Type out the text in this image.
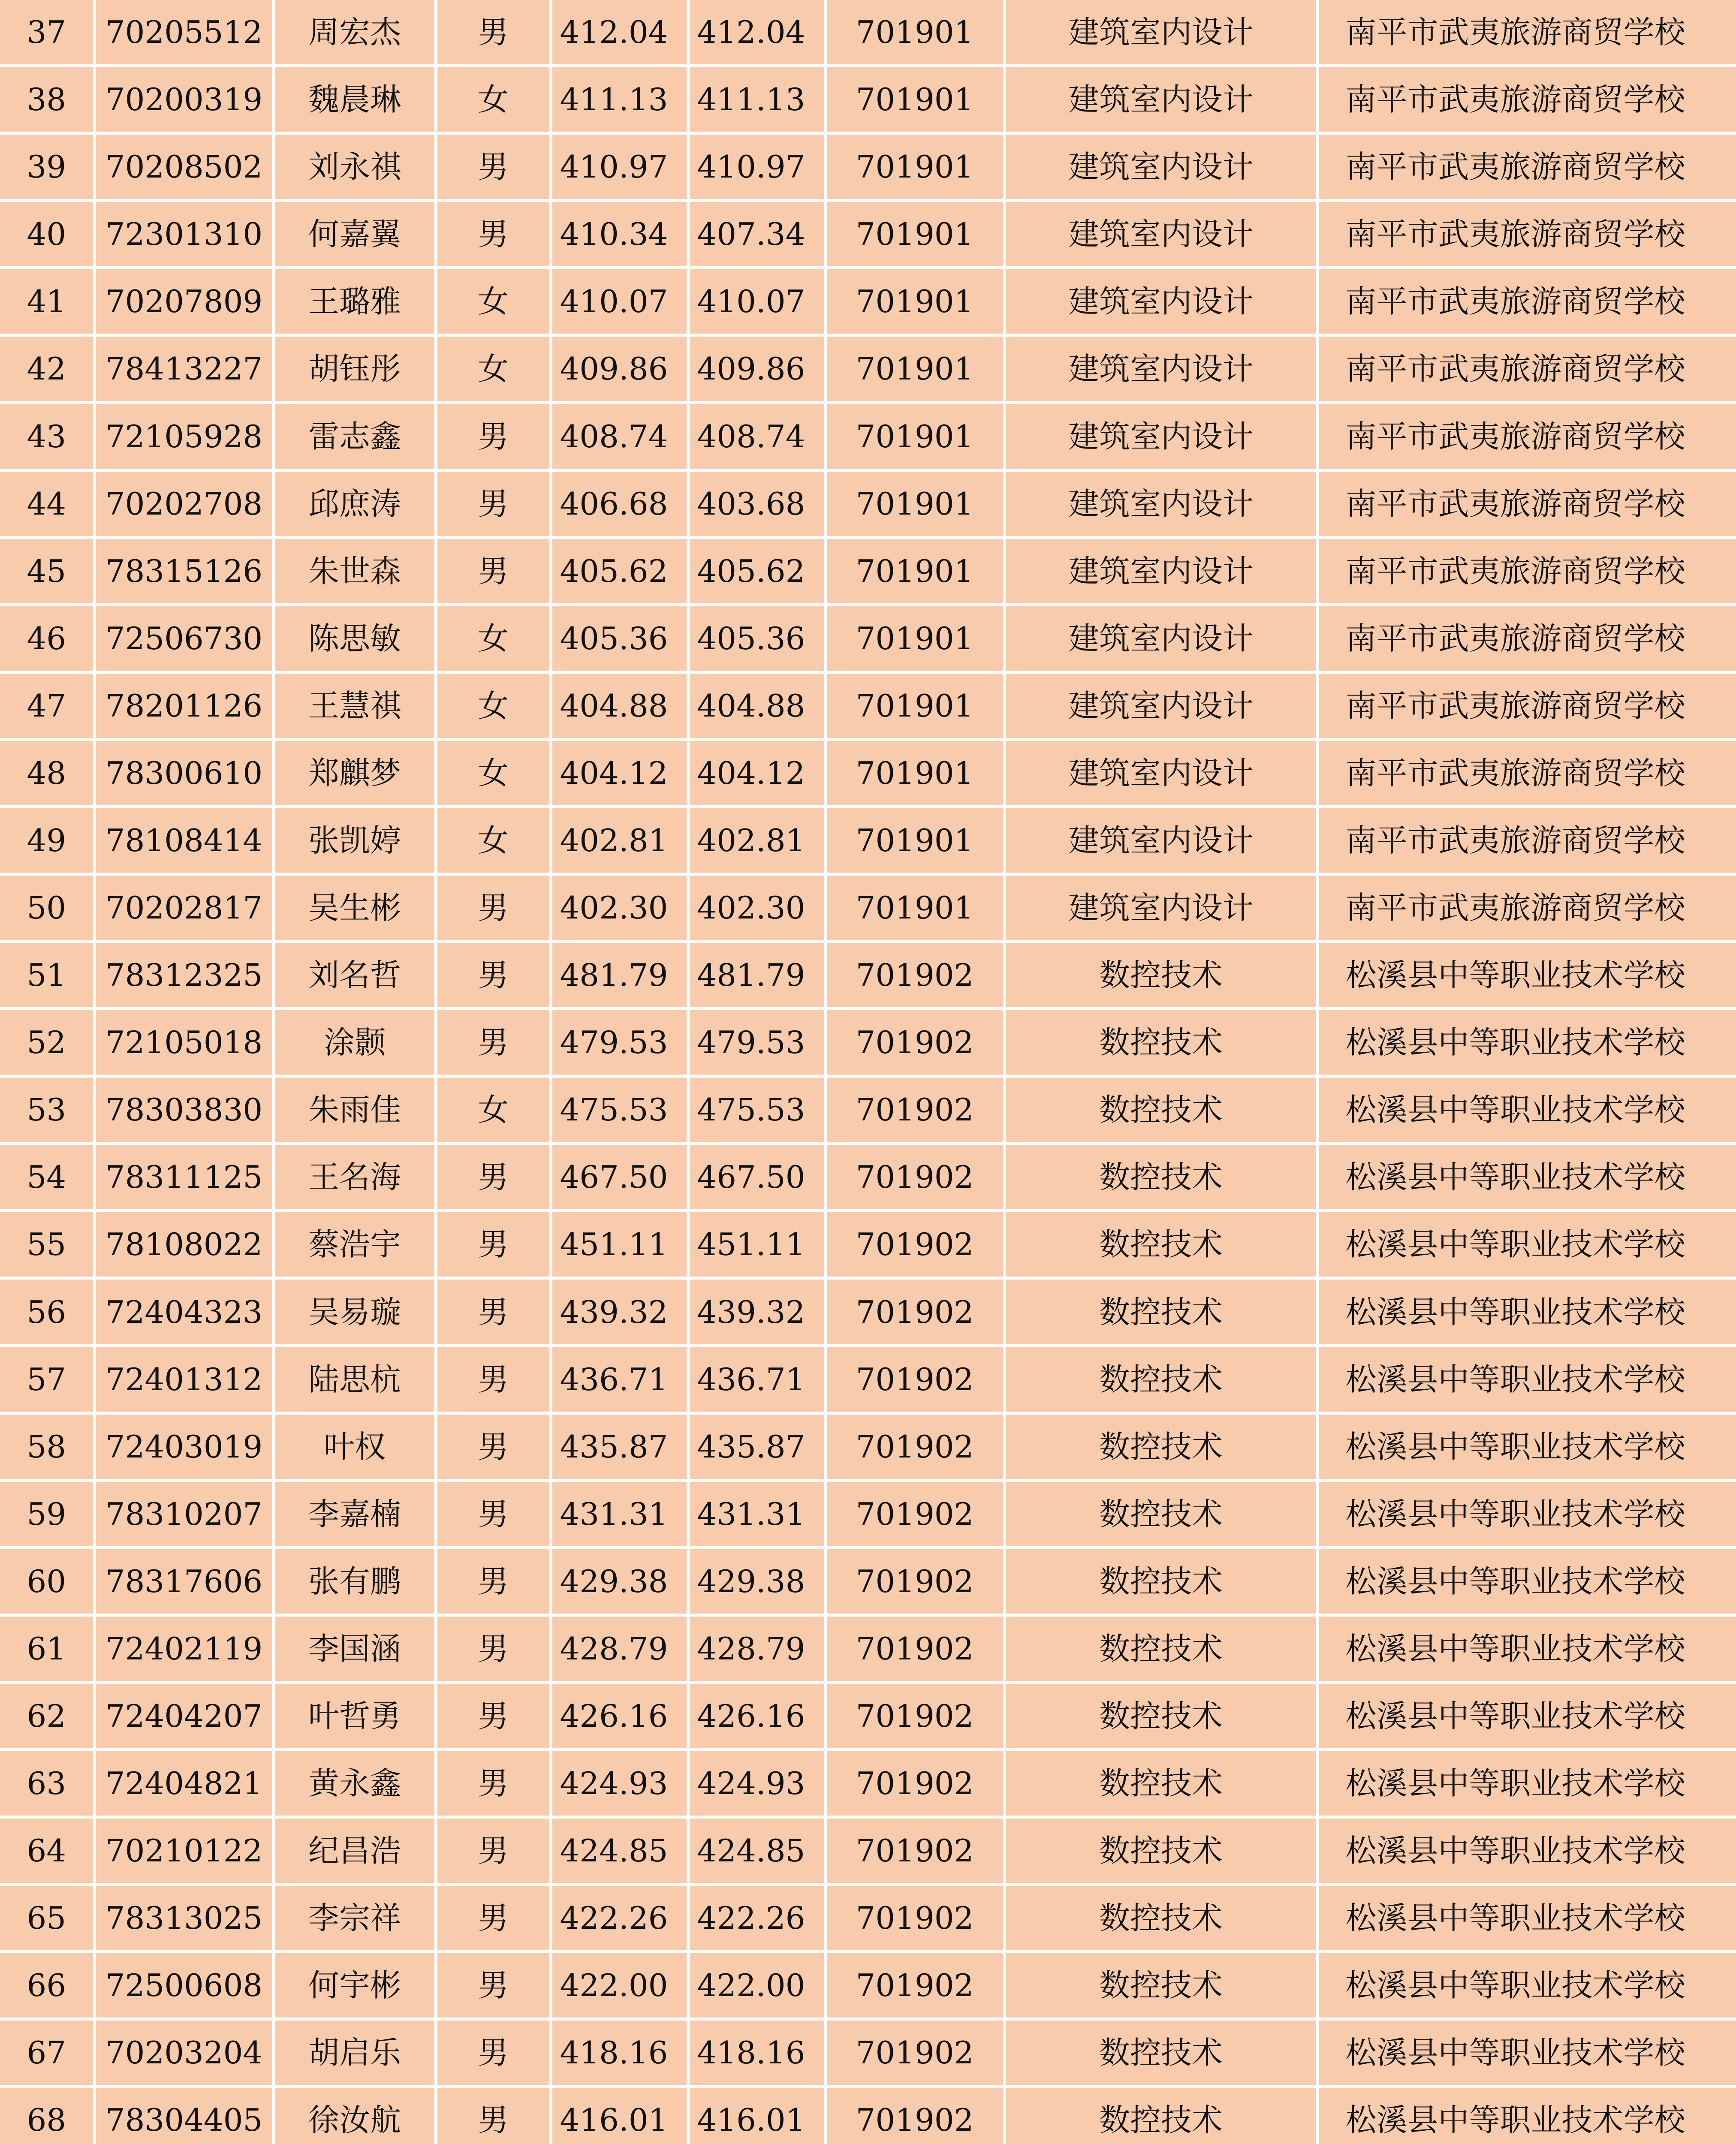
37	70205512	周宏杰	男	412.04	412.04	701901	建筑室内设计	南平市武夷旅游商贸学校
38	70200319	魏晨琳	女	411.13	411.13	701901	建筑室内设计	南平市武夷旅游商贸学校
39	70208502	刘永祺	男	410.97	410.97	701901	建筑室内设计	南平市武夷旅游商贸学校
40	72301310	何嘉翼	男	410.34	407.34	701901	建筑室内设计	南平市武夷旅游商贸学校
41	70207809	王璐雅	女	410.07	410.07	701901	建筑室内设计	南平市武夷旅游商贸学校
42	78413227	胡钰彤	女	409.86	409.86	701901	建筑室内设计	南平市武夷旅游商贸学校
43	72105928	雷志鑫	男	408.74	408.74	701901	建筑室内设计	南平市武夷旅游商贸学校
44	70202708	邱庶涛	男	406.68	403.68	701901	建筑室内设计	南平市武夷旅游商贸学校
45	78315126	朱世森	男	405.62	405.62	701901	建筑室内设计	南平市武夷旅游商贸学校
46	72506730	陈思敏	女	405.36	405.36	701901	建筑室内设计	南平市武夷旅游商贸学校
47	78201126	王慧祺	女	404.88	404.88	701901	建筑室内设计	南平市武夷旅游商贸学校
48	78300610	郑麒梦	女	404.12	404.12	701901	建筑室内设计	南平市武夷旅游商贸学校
49	78108414	张凯婷	女	402.81	402.81	701901	建筑室内设计	南平市武夷旅游商贸学校
50	70202817	吴生彬	男	402.30	402.30	701901	建筑室内设计	南平市武夷旅游商贸学校
51	78312325	刘名哲	男	481.79	481.79	701902	数控技术	松溪县中等职业技术学校
52	72105018	涂颢	男	479.53	479.53	701902	数控技术	松溪县中等职业技术学校
53	78303830	朱雨佳	女	475.53	475.53	701902	数控技术	松溪县中等职业技术学校
54	78311125	王名海	男	467.50	467.50	701902	数控技术	松溪县中等职业技术学校
55	78108022	蔡浩宇	男	451.11	451.11	701902	数控技术	松溪县中等职业技术学校
56	72404323	吴易璇	男	439.32	439.32	701902	数控技术	松溪县中等职业技术学校
57	72401312	陆思杭	男	436.71	436.71	701902	数控技术	松溪县中等职业技术学校
58	72403019	叶权	男	435.87	435.87	701902	数控技术	松溪县中等职业技术学校
59	78310207	李嘉楠	男	431.31	431.31	701902	数控技术	松溪县中等职业技术学校
60	78317606	张有鹏	男	429.38	429.38	701902	数控技术	松溪县中等职业技术学校
61	72402119	李国涵	男	428.79	428.79	701902	数控技术	松溪县中等职业技术学校
62	72404207	叶哲勇	男	426.16	426.16	701902	数控技术	松溪县中等职业技术学校
63	72404821	黄永鑫	男	424.93	424.93	701902	数控技术	松溪县中等职业技术学校
64	70210122	纪昌浩	男	424.85	424.85	701902	数控技术	松溪县中等职业技术学校
65	78313025	李宗祥	男	422.26	422.26	701902	数控技术	松溪县中等职业技术学校
66	72500608	何宇彬	男	422.00	422.00	701902	数控技术	松溪县中等职业技术学校
67	70203204	胡启乐	男	418.16	418.16	701902	数控技术	松溪县中等职业技术学校
68	78304405	徐汝航	男	416.01	416.01	701902	数控技术	松溪县中等职业技术学校
